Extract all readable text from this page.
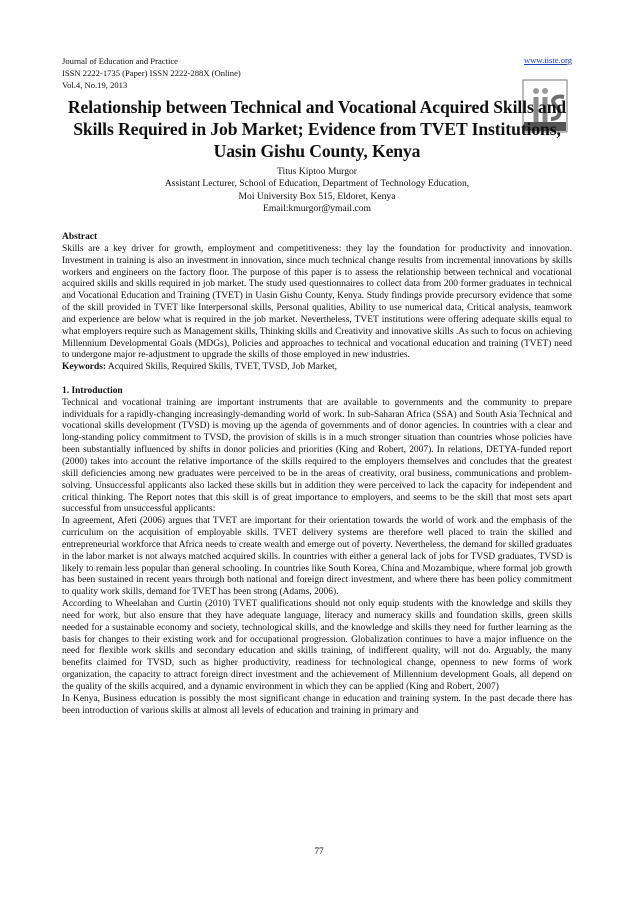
Journal of Education and Practice
ISSN 2222-1735 (Paper) ISSN 2222-288X (Online)
Vol.4, No.19, 2013
www.iiste.org
Relationship between Technical and Vocational Acquired Skills and Skills Required in Job Market; Evidence from TVET Institutions, Uasin Gishu County, Kenya
Titus Kiptoo Murgor
Assistant Lecturer, School of Education, Department of Technology Education,
Moi University Box 515, Eldoret, Kenya
Email:kmurgor@ymail.com

Abstract

Skills are a key driver for growth, employment and competitiveness: they lay the foundation for productivity and innovation. Investment in training is also an investment in innovation, since much technical change results from incremental innovations by skills workers and engineers on the factory floor. The purpose of this paper is to assess the relationship between technical and vocational acquired skills and skills required in job market. The study used questionnaires to collect data from 200 former graduates in technical and Vocational Education and Training (TVET) in Uasin Gishu County, Kenya. Study findings provide precursory evidence that some of the skill provided in TVET like Interpersonal skills, Personal qualities, Ability to use numerical data, Critical analysis, teamwork and experience are below what is required in the job market. Nevertheless, TVET institutions were offering adequate skills equal to what employers require such as Management skills, Thinking skills and Creativity and innovative skills .As such to focus on achieving Millennium Developmental Goals (MDGs), Policies and approaches to technical and vocational education and training (TVET) need to undergone major re-adjustment to upgrade the skills of those employed in new industries.

Keywords: Acquired Skills, Required Skills, TVET, TVSD, Job Market,

1. Introduction

Technical and vocational training are important instruments that are available to governments and the community to prepare individuals for a rapidly-changing increasingly-demanding world of work. In sub-Saharan Africa (SSA) and South Asia Technical and vocational skills development (TVSD) is moving up the agenda of governments and of donor agencies. In countries with a clear and long-standing policy commitment to TVSD, the provision of skills is in a much stronger situation than countries whose policies have been substantially influenced by shifts in donor policies and priorities (King and Robert, 2007). In relations, DETYA-funded report (2000) takes into account the relative importance of the skills required to the employers themselves and concludes that the greatest skill deficiencies among new graduates were perceived to be in the areas of creativity, oral business, communications and problem-solving. Unsuccessful applicants also lacked these skills but in addition they were perceived to lack the capacity for independent and critical thinking. The Report notes that this skill is of great importance to employers, and seems to be the skill that most sets apart successful from unsuccessful applicants:

In agreement, Afeti (2006) argues that TVET are important for their orientation towards the world of work and the emphasis of the curriculum on the acquisition of employable skills. TVET delivery systems are therefore well placed to train the skilled and entrepreneurial workforce that Africa needs to create wealth and emerge out of poverty. Nevertheless, the demand for skilled graduates in the labor market is not always matched acquired skills. In countries with either a general lack of jobs for TVSD graduates, TVSD is likely to remain less popular than general schooling. In countries like South Korea, China and Mozambique, where formal job growth has been sustained in recent years through both national and foreign direct investment, and where there has been policy commitment to quality work skills, demand for TVET has been strong (Adams, 2006).

According to Wheelahan and Curtin (2010) TVET qualifications should not only equip students with the knowledge and skills they need for work, but also ensure that they have adequate language, literacy and numeracy skills and foundation skills, green skills needed for a sustainable economy and society, technological skills, and the knowledge and skills they need for further learning as the basis for changes to their existing work and for occupational progression. Globalization continues to have a major influence on the need for flexible work skills and secondary education and skills training, of indifferent quality, will not do. Arguably, the many benefits claimed for TVSD, such as higher productivity, readiness for technological change, openness to new forms of work organization, the capacity to attract foreign direct investment and the achievement of Millennium development Goals, all depend on the quality of the skills acquired, and a dynamic environment in which they can be applied (King and Robert, 2007)

In Kenya, Business education is possibly the most significant change in education and training system. In the past decade there has been introduction of various skills at almost all levels of education and training in primary and

77
